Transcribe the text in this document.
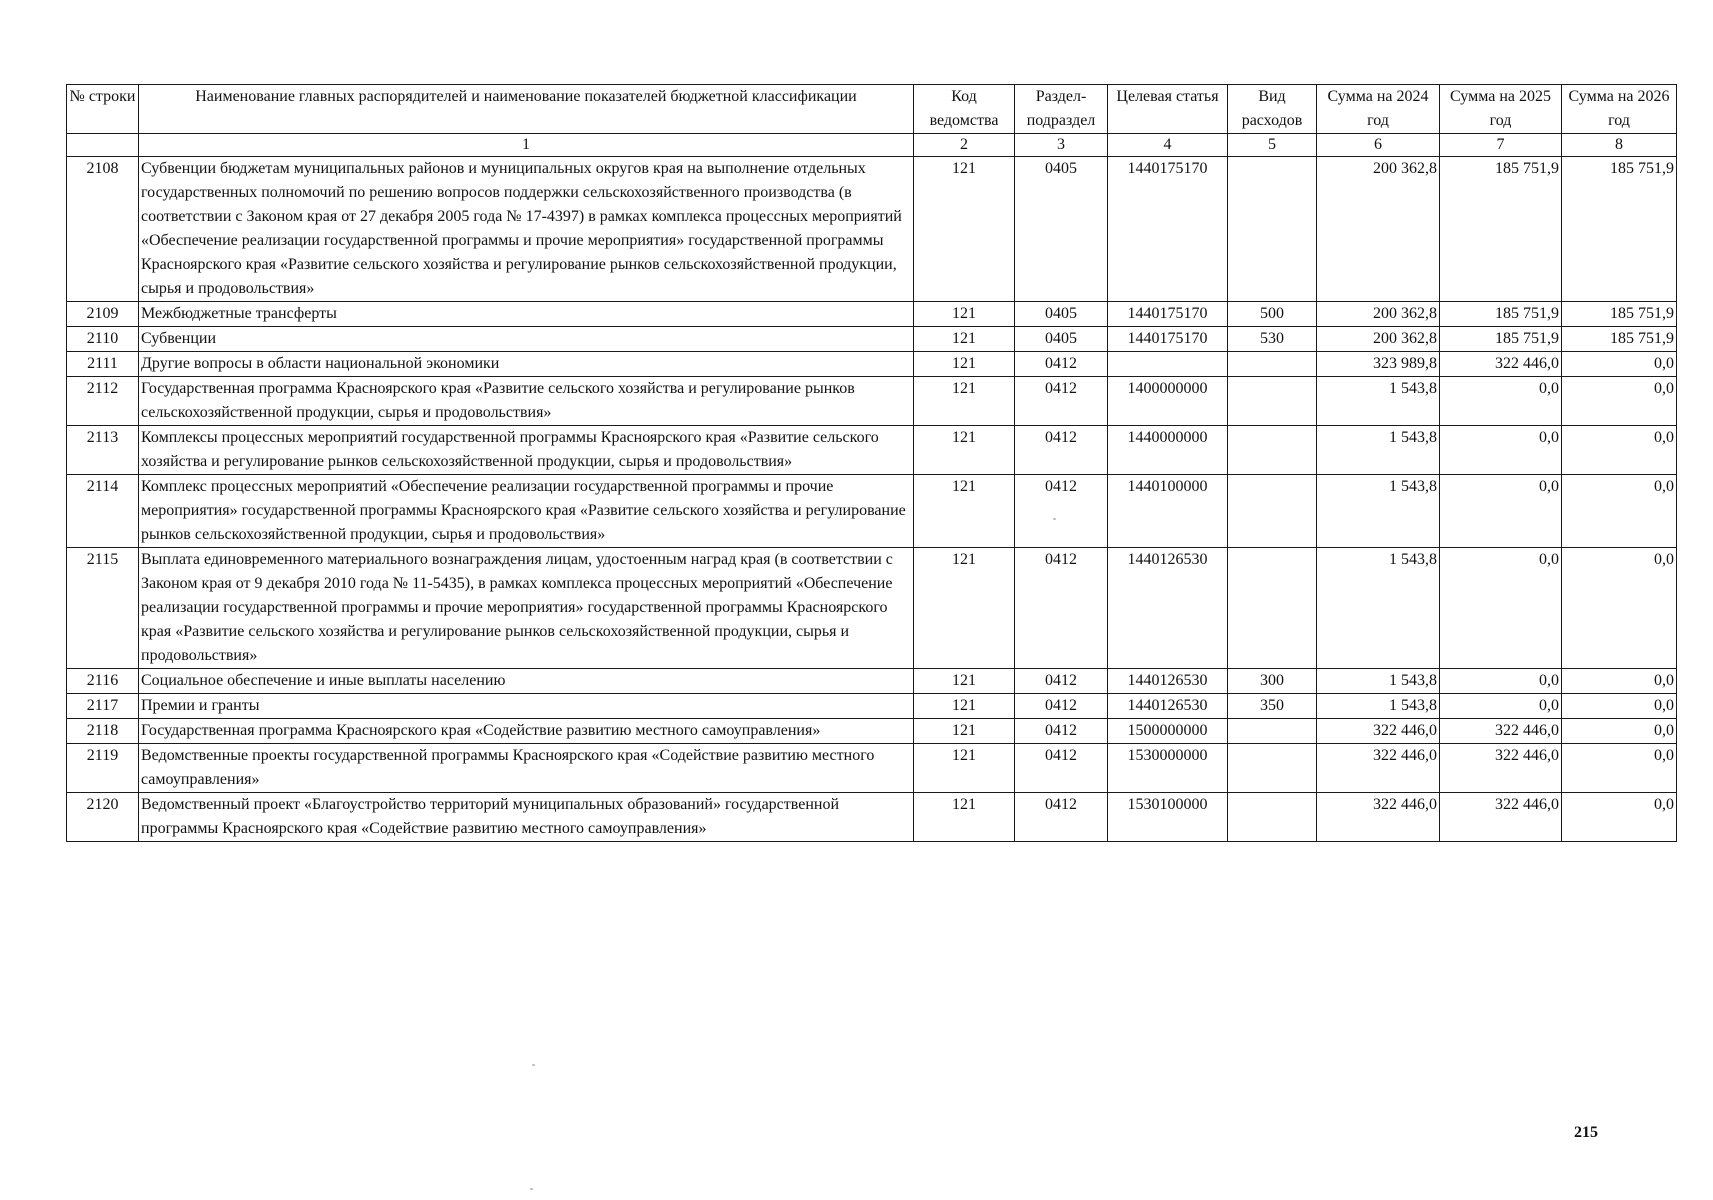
№ строки	Наименование главных распорядителей и наименование показателей бюджетной классификации	Код ведомства	Раздел-подраздел	Целевая статья	Вид расходов	Сумма на 2024 год	Сумма на 2025 год	Сумма на 2026 год
	1	2	3	4	5	6	7	8
2108	Субвенции бюджетам муниципальных районов и муниципальных округов края на выполнение отдельных государственных полномочий по решению вопросов поддержки сельскохозяйственного производства (в соответствии с Законом края от 27 декабря 2005 года № 17-4397) в рамках комплекса процессных мероприятий «Обеспечение реализации государственной программы и прочие мероприятия» государственной программы Красноярского края «Развитие сельского хозяйства и регулирование рынков сельскохозяйственной продукции, сырья и продовольствия»	121	0405	1440175170		200 362,8	185 751,9	185 751,9
2109	Межбюджетные трансферты	121	0405	1440175170	500	200 362,8	185 751,9	185 751,9
2110	Субвенции	121	0405	1440175170	530	200 362,8	185 751,9	185 751,9
2111	Другие вопросы в области национальной экономики	121	0412			323 989,8	322 446,0	0,0
2112	Государственная программа Красноярского края «Развитие сельского хозяйства и регулирование рынков сельскохозяйственной продукции, сырья и продовольствия»	121	0412	1400000000		1 543,8	0,0	0,0
2113	Комплексы процессных мероприятий государственной программы Красноярского края «Развитие сельского хозяйства и регулирование рынков сельскохозяйственной продукции, сырья и продовольствия»	121	0412	1440000000		1 543,8	0,0	0,0
2114	Комплекс процессных мероприятий «Обеспечение реализации государственной программы и прочие мероприятия» государственной программы Красноярского края «Развитие сельского хозяйства и регулирование рынков сельскохозяйственной продукции, сырья и продовольствия»	121	0412	1440100000		1 543,8	0,0	0,0
2115	Выплата единовременного материального вознаграждения лицам, удостоенным наград края (в соответствии с Законом края от 9 декабря 2010 года № 11-5435), в рамках комплекса процессных мероприятий «Обеспечение реализации государственной программы и прочие мероприятия» государственной программы Красноярского края «Развитие сельского хозяйства и регулирование рынков сельскохозяйственной продукции, сырья и продовольствия»	121	0412	1440126530		1 543,8	0,0	0,0
2116	Социальное обеспечение и иные выплаты населению	121	0412	1440126530	300	1 543,8	0,0	0,0
2117	Премии и гранты	121	0412	1440126530	350	1 543,8	0,0	0,0
2118	Государственная программа Красноярского края «Содействие развитию местного самоуправления»	121	0412	1500000000		322 446,0	322 446,0	0,0
2119	Ведомственные проекты государственной программы Красноярского края «Содействие развитию местного самоуправления»	121	0412	1530000000		322 446,0	322 446,0	0,0
2120	Ведомственный проект «Благоустройство территорий муниципальных образований» государственной программы Красноярского края «Содействие развитию местного самоуправления»	121	0412	1530100000		322 446,0	322 446,0	0,0
215
